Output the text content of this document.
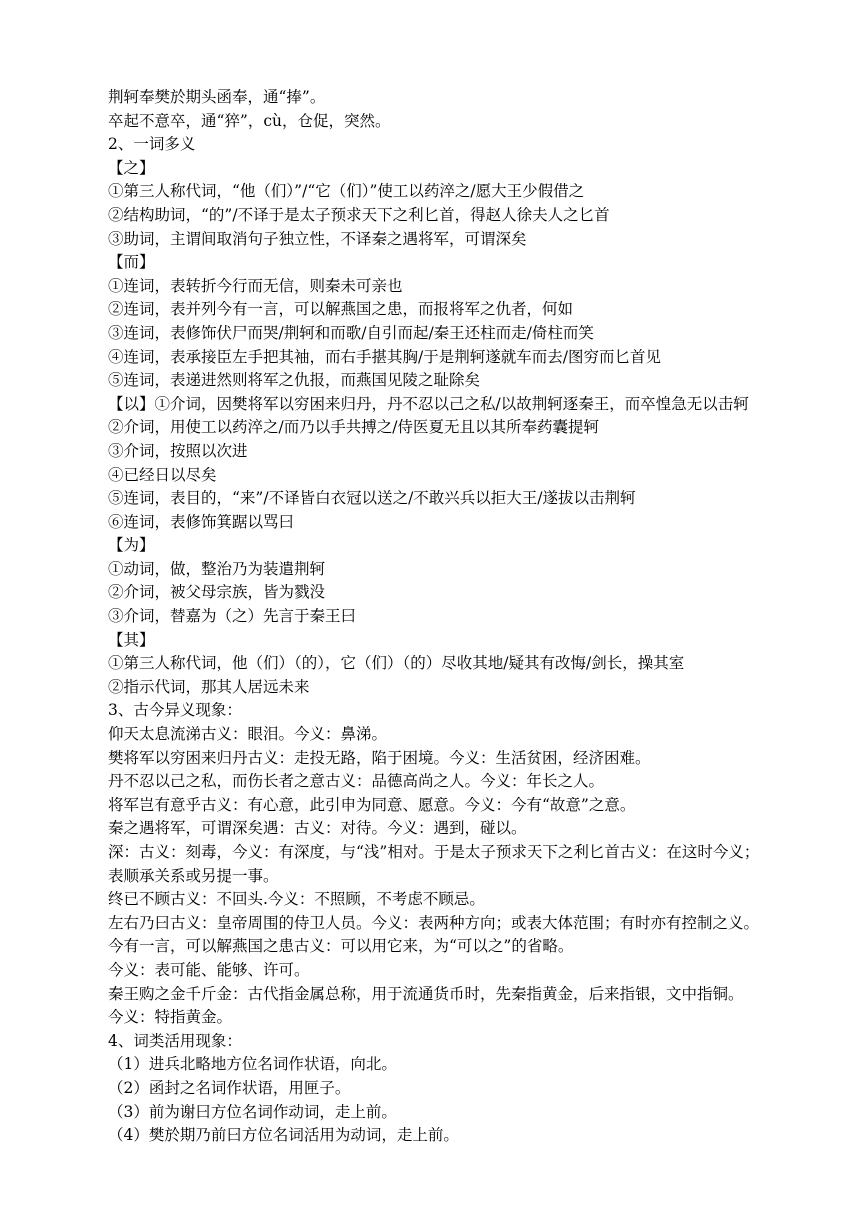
荆轲奉樊於期头函奉，通“捧”。
卒起不意卒，通“猝”，cù，仓促，突然。
2、一词多义
【之】
①第三人称代词，“他（们）”/“它（们）”使工以药淬之/愿大王少假借之
②结构助词，“的”/不译于是太子预求天下之利匕首，得赵人徐夫人之匕首
③助词，主谓间取消句子独立性，不译秦之遇将军，可谓深矣
【而】
①连词，表转折今行而无信，则秦未可亲也
②连词，表并列今有一言，可以解燕国之患，而报将军之仇者，何如
③连词，表修饰伏尸而哭/荆轲和而歌/自引而起/秦王还柱而走/倚柱而笑
④连词，表承接臣左手把其袖，而右手揕其胸/于是荆轲遂就车而去/图穷而匕首见
⑤连词，表递进然则将军之仇报，而燕国见陵之耻除矣
【以】①介词，因樊将军以穷困来归丹，丹不忍以己之私/以故荆轲逐秦王，而卒惶急无以击轲
②介词，用使工以药淬之/而乃以手共搏之/侍医夏无且以其所奉药囊提轲
③介词，按照以次进
④已经日以尽矣
⑤连词，表目的，“来”/不译皆白衣冠以送之/不敢兴兵以拒大王/遂拔以击荆轲
⑥连词，表修饰箕踞以骂曰
【为】
①动词，做，整治乃为装遣荆轲
②介词，被父母宗族，皆为戮没
③介词，替嘉为（之）先言于秦王曰
【其】
①第三人称代词，他（们）（的），它（们）（的）尽收其地/疑其有改悔/剑长，操其室
②指示代词，那其人居远未来
3、古今异义现象：
仰天太息流涕古义：眼泪。今义：鼻涕。
樊将军以穷困来归丹古义：走投无路，陷于困境。今义：生活贫困，经济困难。
丹不忍以己之私，而伤长者之意古义：品德高尚之人。今义：年长之人。
将军岂有意乎古义：有心意，此引申为同意、愿意。今义：今有“故意”之意。
秦之遇将军，可谓深矣遇：古义：对待。今义：遇到，碰以。
深：古义：刻毒，今义：有深度，与“浅”相对。于是太子预求天下之利匕首古义：在这时今义；
表顺承关系或另提一事。
终已不顾古义：不回头.今义：不照顾，不考虑不顾忌。
左右乃曰古义：皇帝周围的侍卫人员。今义：表两种方向；或表大体范围；有时亦有控制之义。
今有一言，可以解燕国之患古义：可以用它来，为“可以之”的省略。
今义：表可能、能够、许可。
秦王购之金千斤金：古代指金属总称，用于流通货币时，先秦指黄金，后来指银，文中指铜。
今义：特指黄金。
4、词类活用现象：
（1）进兵北略地方位名词作状语，向北。
（2）函封之名词作状语，用匣子。
（3）前为谢曰方位名词作动词，走上前。
（4）樊於期乃前曰方位名词活用为动词，走上前。
